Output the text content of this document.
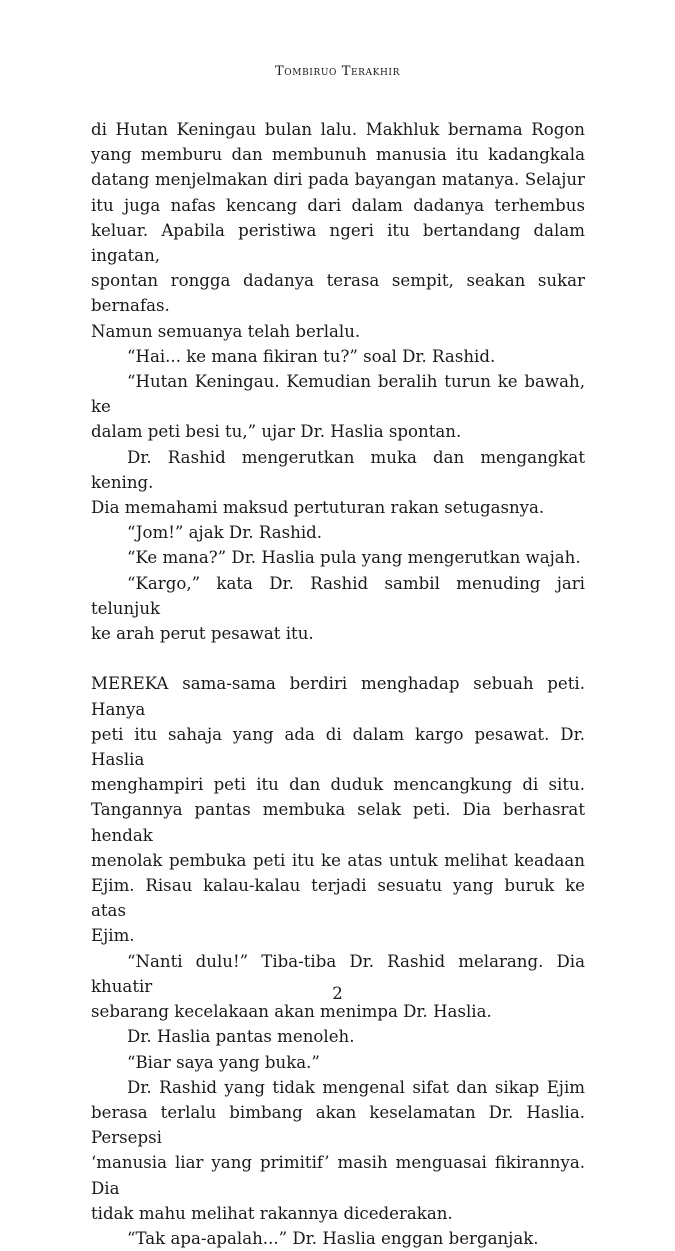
Tombiruo Terakhir

di Hutan Keningau bulan lalu. Makhluk bernama Rogon

yang memburu dan membunuh manusia itu kadangkala

datang menjelmakan diri pada bayangan matanya. Selajur

itu juga nafas kencang dari dalam dadanya terhembus

keluar. Apabila peristiwa ngeri itu bertandang dalam ingatan,

spontan rongga dadanya terasa sempit, seakan sukar bernafas.

Namun semuanya telah berlalu.

“Hai... ke mana fikiran tu?” soal Dr. Rashid.

“Hutan Keningau. Kemudian beralih turun ke bawah, ke

dalam peti besi tu,” ujar Dr. Haslia spontan.

Dr. Rashid mengerutkan muka dan mengangkat kening.

Dia memahami maksud pertuturan rakan setugasnya.

“Jom!” ajak Dr. Rashid.

“Ke mana?” Dr. Haslia pula yang mengerutkan wajah.

“Kargo,” kata Dr. Rashid sambil menuding jari telunjuk

ke arah perut pesawat itu.

MEREKA sama-sama berdiri menghadap sebuah peti. Hanya

peti itu sahaja yang ada di dalam kargo pesawat. Dr. Haslia

menghampiri peti itu dan duduk mencangkung di situ.

Tangannya pantas membuka selak peti. Dia berhasrat hendak

menolak pembuka peti itu ke atas untuk melihat keadaan

Ejim. Risau kalau-kalau terjadi sesuatu yang buruk ke atas

Ejim.

“Nanti dulu!” Tiba-tiba Dr. Rashid melarang. Dia khuatir

sebarang kecelakaan akan menimpa Dr. Haslia.

Dr. Haslia pantas menoleh.

“Biar saya yang buka.”

Dr. Rashid yang tidak mengenal sifat dan sikap Ejim

berasa terlalu bimbang akan keselamatan Dr. Haslia. Persepsi

‘manusia liar yang primitif’ masih menguasai fikirannya. Dia

tidak mahu melihat rakannya dicederakan.

“Tak apa-apalah...” Dr. Haslia enggan berganjak.

2
